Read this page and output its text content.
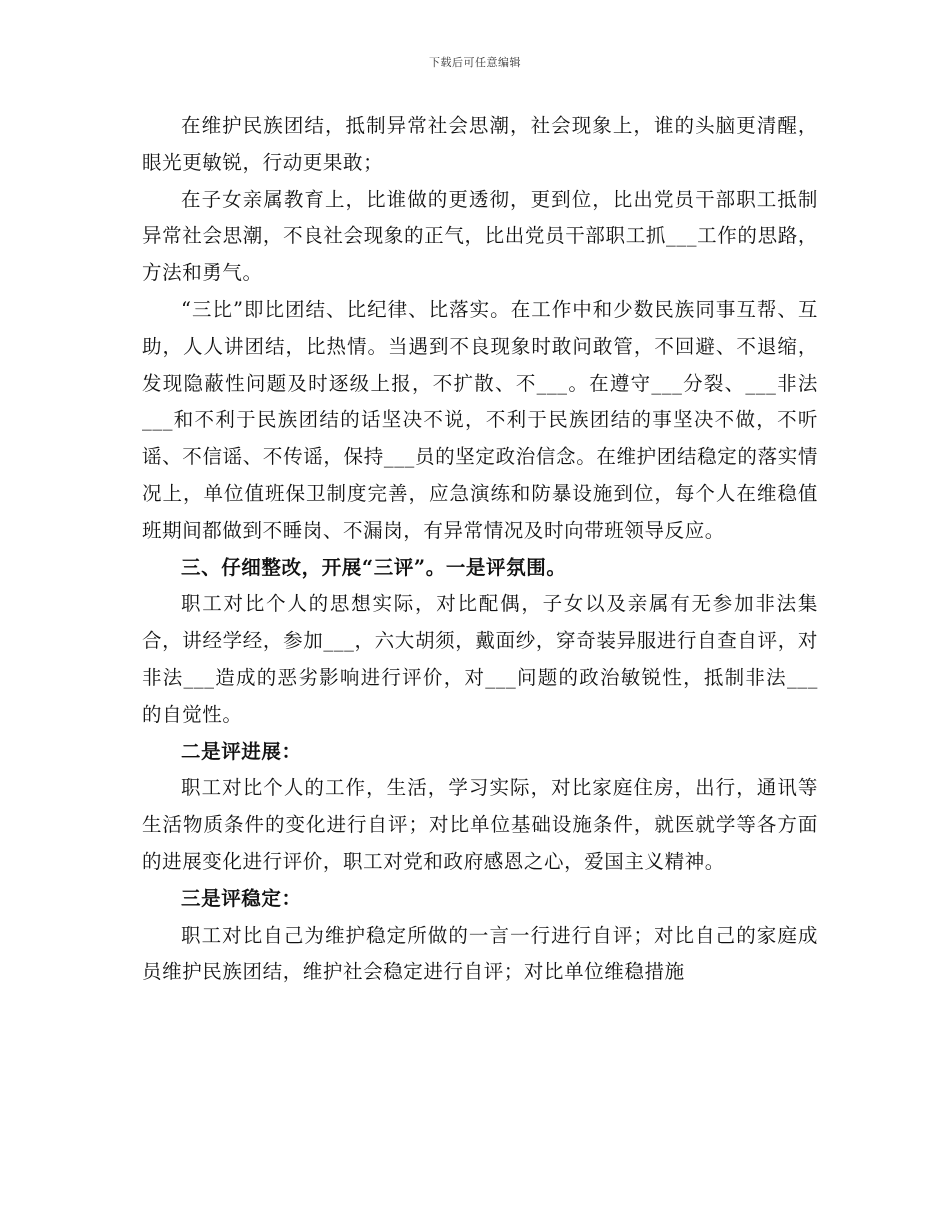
下载后可任意编辑

在维护民族团结，抵制异常社会思潮，社会现象上，谁的头脑更清醒，眼光更敏锐，行动更果敢；

在子女亲属教育上，比谁做的更透彻，更到位，比出党员干部职工抵制异常社会思潮，不良社会现象的正气，比出党员干部职工抓___工作的思路，方法和勇气。

“三比”即比团结、比纪律、比落实。在工作中和少数民族同事互帮、互助，人人讲团结，比热情。当遇到不良现象时敢问敢管，不回避、不退缩，发现隐蔽性问题及时逐级上报，不扩散、不___。在遵守___分裂、___非法___和不利于民族团结的话坚决不说，不利于民族团结的事坚决不做，不听谣、不信谣、不传谣，保持___员的坚定政治信念。在维护团结稳定的落实情况上，单位值班保卫制度完善，应急演练和防暴设施到位，每个人在维稳值班期间都做到不睡岗、不漏岗，有异常情况及时向带班领导反应。

三、仔细整改，开展“三评”。一是评氛围。

职工对比个人的思想实际，对比配偶，子女以及亲属有无参加非法集合，讲经学经，参加___，六大胡须，戴面纱，穿奇装异服进行自查自评，对非法___造成的恶劣影响进行评价，对___问题的政治敏锐性，抵制非法___的自觉性。

二是评进展：

职工对比个人的工作，生活，学习实际，对比家庭住房，出行，通讯等生活物质条件的变化进行自评；对比单位基础设施条件，就医就学等各方面的进展变化进行评价，职工对党和政府感恩之心，爱国主义精神。

三是评稳定：

职工对比自己为维护稳定所做的一言一行进行自评；对比自己的家庭成员维护民族团结，维护社会稳定进行自评；对比单位维稳措施
